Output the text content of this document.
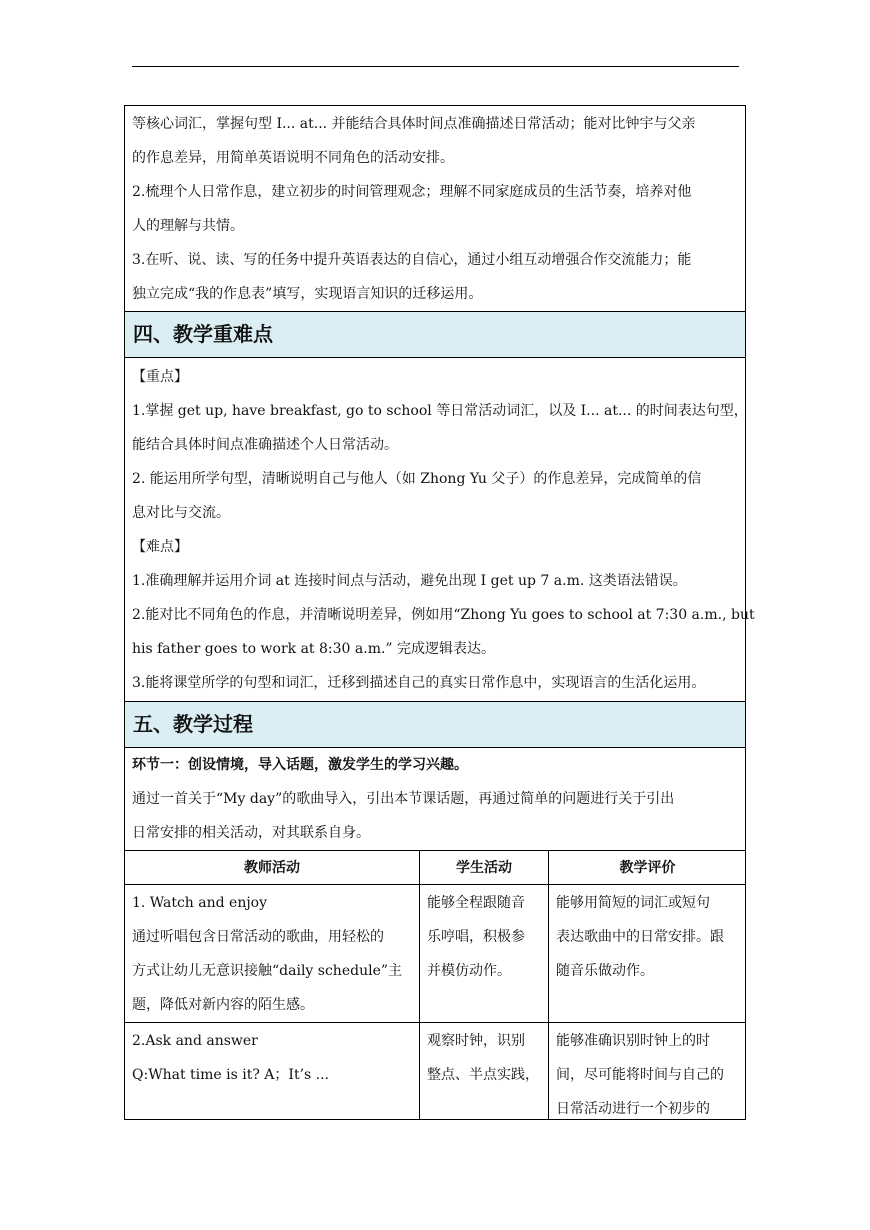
等核心词汇，掌握句型 I... at... 并能结合具体时间点准确描述日常活动；能对比钟宇与父亲
的作息差异，用简单英语说明不同角色的活动安排。
2.梳理个人日常作息，建立初步的时间管理观念；理解不同家庭成员的生活节奏，培养对他
人的理解与共情。
3.在听、说、读、写的任务中提升英语表达的自信心，通过小组互动增强合作交流能力；能
独立完成“我的作息表”填写，实现语言知识的迁移运用。
四、教学重难点
【重点】
1.掌握 get up, have breakfast, go to school 等日常活动词汇，以及 I... at... 的时间表达句型，
能结合具体时间点准确描述个人日常活动。
2. 能运用所学句型，清晰说明自己与他人（如 Zhong Yu 父子）的作息差异，完成简单的信
息对比与交流。
【难点】
1.准确理解并运用介词 at 连接时间点与活动，避免出现 I get up 7 a.m. 这类语法错误。
2.能对比不同角色的作息，并清晰说明差异，例如用“Zhong Yu goes to school at 7:30 a.m., but
his father goes to work at 8:30 a.m.” 完成逻辑表达。
3.能将课堂所学的句型和词汇，迁移到描述自己的真实日常作息中，实现语言的生活化运用。
五、教学过程
环节一：创设情境，导入话题，激发学生的学习兴趣。
通过一首关于“My day”的歌曲导入，引出本节课话题，再通过简单的问题进行关于引出
日常安排的相关活动，对其联系自身。
教师活动	学生活动	教学评价
1. Watch and enjoy
通过听唱包含日常活动的歌曲，用轻松的
方式让幼儿无意识接触“daily schedule”主
题，降低对新内容的陌生感。
能够全程跟随音
乐哼唱，积极参
并模仿动作。
能够用简短的词汇或短句
表达歌曲中的日常安排。跟
随音乐做动作。
2.Ask and answer
Q:What time is it? A；It’s ...
观察时钟，识别
整点、半点实践，
能够准确识别时钟上的时
间，尽可能将时间与自己的
日常活动进行一个初步的
